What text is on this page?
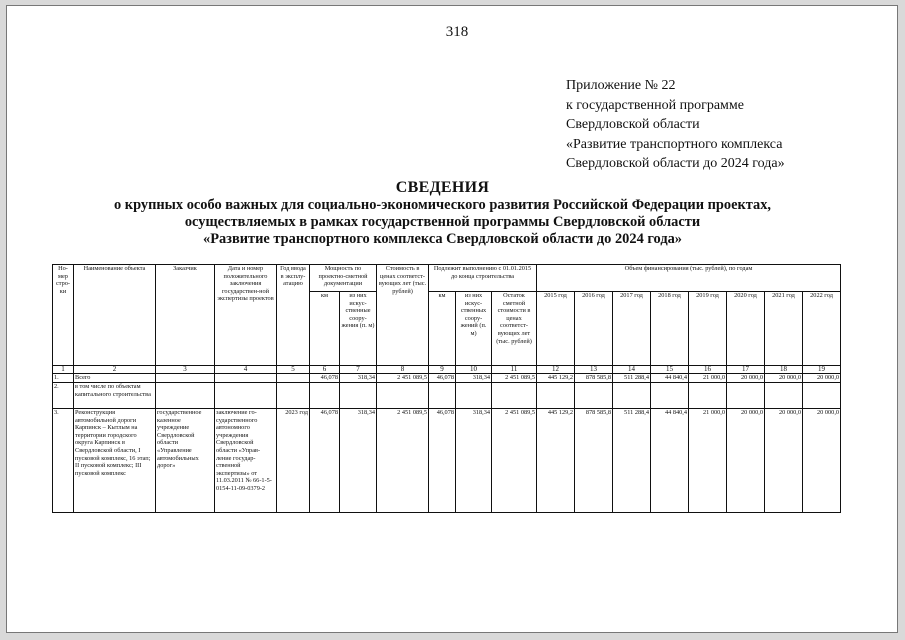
318
Приложение № 22
к государственной программе
Свердловской области
«Развитие транспортного комплекса
Свердловской области до 2024 года»
СВЕДЕНИЯ
о крупных особо важных для социально-экономического развития Российской Федерации проектах,
осуществляемых в рамках государственной программы Свердловской области
«Развитие транспортного комплекса Свердловской области до 2024 года»
Но-мер стро-ки	Наименование объекта	Заказчик	Дата и номер положительного заключения государствен-ной экспертизы проектов	Год ввода в эксплу-атацию	Мощность по проектно-сметной документации		Стоимость в ценах соответст-вующих лет (тыс. рублей)	Подлежит выполнению с 01.01.2015 до конца строительства			Объем финансирования (тыс. рублей), по годам							
					км	из них искус-ственные соору-жения (п. м)		км	из них искус-ственных соору-жений (п. м)	Остаток сметной стоимости в ценах соответст-вующих лет (тыс. рублей)	2015 год	2016 год	2017 год	2018 год	2019 год	2020 год	2021 год	2022 год
1	2	3	4	5	6	7	8	9	10	11	12	13	14	15	16	17	18	19
1.	Всего				46,078	318,34	2 451 089,5	46,078	318,34	2 451 089,5	445 129,2	878 585,8	511 288,4	44 840,4	21 000,0	20 000,0	20 000,0	20 000,0
2.	в том числе по объектам капитального строительства																	
3.	Реконструкция автомобильной дороги Карпинск – Кытлым на территории городского округа Карпинск в Свердловской области, I пусковой комплекс, 16 этап; II пусковой комплекс; III пусковой комплекс	государственное казенное учреждение Свердловской области «Управление автомобильных дорог»	заключение го-сударственного автономного учреждения Свердловской области «Управ-ление государ-ственной экспертизы» от 11.03.2011 № 66-1-5-0154-11-09-0379-2	2023 год	46,078	318,34	2 451 089,5	46,078	318,34	2 451 089,5	445 129,2	878 585,8	511 288,4	44 840,4	21 000,0	20 000,0	20 000,0	20 000,0
